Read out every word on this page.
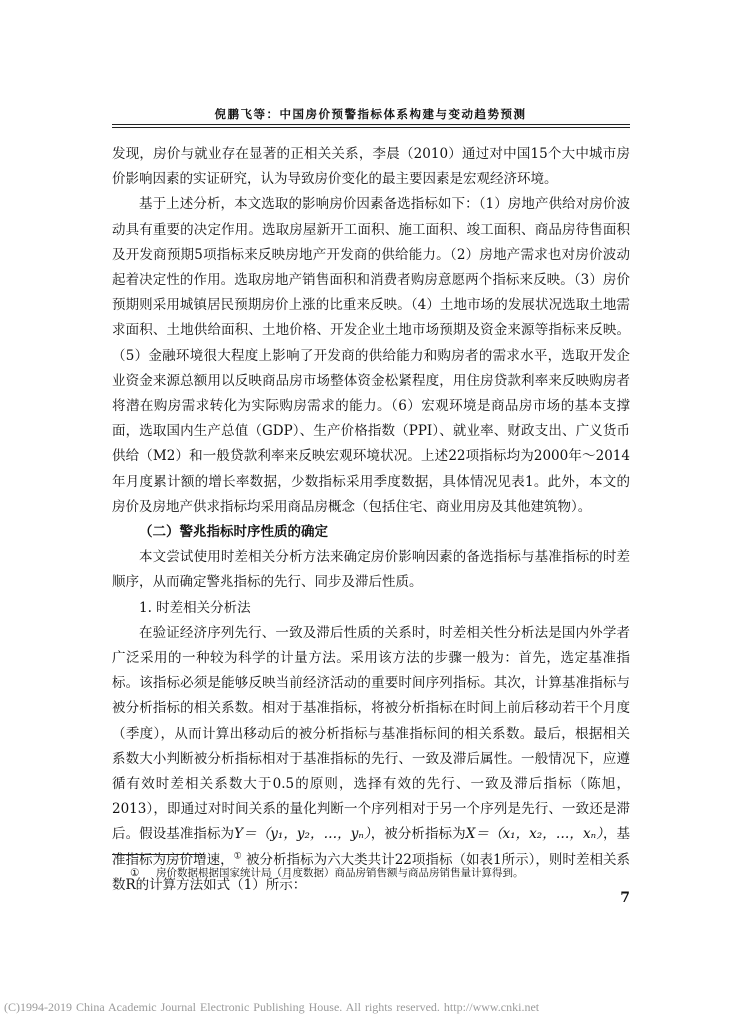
倪鹏飞等：中国房价预警指标体系构建与变动趋势预测

发现，房价与就业存在显著的正相关关系，李晨（2010）通过对中国15个大中城市房价影响因素的实证研究，认为导致房价变化的最主要因素是宏观经济环境。

基于上述分析，本文选取的影响房价因素备选指标如下：（1）房地产供给对房价波动具有重要的决定作用。选取房屋新开工面积、施工面积、竣工面积、商品房待售面积及开发商预期5项指标来反映房地产开发商的供给能力。（2）房地产需求也对房价波动起着决定性的作用。选取房地产销售面积和消费者购房意愿两个指标来反映。（3）房价预期则采用城镇居民预期房价上涨的比重来反映。（4）土地市场的发展状况选取土地需求面积、土地供给面积、土地价格、开发企业土地市场预期及资金来源等指标来反映。（5）金融环境很大程度上影响了开发商的供给能力和购房者的需求水平，选取开发企业资金来源总额用以反映商品房市场整体资金松紧程度，用住房贷款利率来反映购房者将潜在购房需求转化为实际购房需求的能力。（6）宏观环境是商品房市场的基本支撑面，选取国内生产总值（GDP）、生产价格指数（PPI）、就业率、财政支出、广义货币供给（M2）和一般贷款利率来反映宏观环境状况。上述22项指标均为2000年～2014年月度累计额的增长率数据，少数指标采用季度数据，具体情况见表1。此外，本文的房价及房地产供求指标均采用商品房概念（包括住宅、商业用房及其他建筑物）。

（二）警兆指标时序性质的确定

本文尝试使用时差相关分析方法来确定房价影响因素的备选指标与基准指标的时差顺序，从而确定警兆指标的先行、同步及滞后性质。

1. 时差相关分析法

在验证经济序列先行、一致及滞后性质的关系时，时差相关性分析法是国内外学者广泛采用的一种较为科学的计量方法。采用该方法的步骤一般为：首先，选定基准指标。该指标必须是能够反映当前经济活动的重要时间序列指标。其次，计算基准指标与被分析指标的相关系数。相对于基准指标，将被分析指标在时间上前后移动若干个月度（季度），从而计算出移动后的被分析指标与基准指标间的相关系数。最后，根据相关系数大小判断被分析指标相对于基准指标的先行、一致及滞后属性。一般情况下，应遵循有效时差相关系数大于0.5的原则，选择有效的先行、一致及滞后指标（陈旭，2013），即通过对时间关系的量化判断一个序列相对于另一个序列是先行、一致还是滞后。假设基准指标为Y＝（y₁，y₂，…，yₙ），被分析指标为X＝（x₁，x₂，…，xₙ），基准指标为房价增速，① 被分析指标为六大类共计22项指标（如表1所示），则时差相关系数R的计算方法如式（1）所示：

① 房价数据根据国家统计局（月度数据）商品房销售额与商品房销售量计算得到。
7
(C)1994-2019 China Academic Journal Electronic Publishing House. All rights reserved. http://www.cnki.net
